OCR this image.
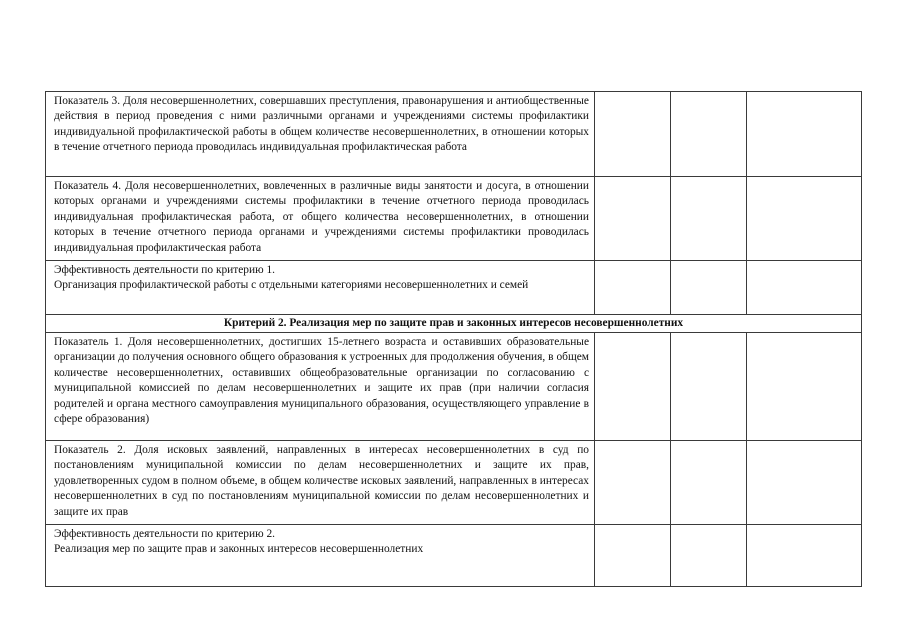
Показатель 3. Доля несовершеннолетних, совершавших преступления, правонарушения и антиобщественные действия в период проведения с ними различными органами и учреждениями системы профилактики индивидуальной профилактической работы в общем количестве несовершеннолетних, в отношении которых в течение отчетного периода проводилась индивидуальная профилактическая работа			

Показатель 4. Доля несовершеннолетних, вовлеченных в различные виды занятости и досуга, в отношении которых органами и учреждениями системы профилактики в течение отчетного периода проводилась индивидуальная профилактическая работа, от общего количества несовершеннолетних, в отношении которых в течение отчетного периода органами и учреждениями системы профилактики проводилась индивидуальная профилактическая работа			

Эффективность деятельности по критерию 1.
Организация профилактической работы с отдельными категориями несовершеннолетних и семей			

Критерий 2. Реализация мер по защите прав и законных интересов несовершеннолетних			

Показатель 1. Доля несовершеннолетних, достигших 15-летнего возраста и оставивших образовательные организации до получения основного общего образования к устроенных для продолжения обучения, в общем количестве несовершеннолетних, оставивших общеобразовательные организации по согласованию с муниципальной комиссией по делам несовершеннолетних и защите их прав (при наличии согласия родителей и органа местного самоуправления муниципального образования, осуществляющего управление в сфере образования)			

Показатель 2. Доля исковых заявлений, направленных в интересах несовершеннолетних в суд по постановлениям муниципальной комиссии по делам несовершеннолетних и защите их прав, удовлетворенных судом в полном объеме, в общем количестве исковых заявлений, направленных в интересах несовершеннолетних в суд по постановлениям муниципальной комиссии по делам несовершеннолетних и защите их прав			

Эффективность деятельности по критерию 2.
Реализация мер по защите прав и законных интересов несовершеннолетних			
